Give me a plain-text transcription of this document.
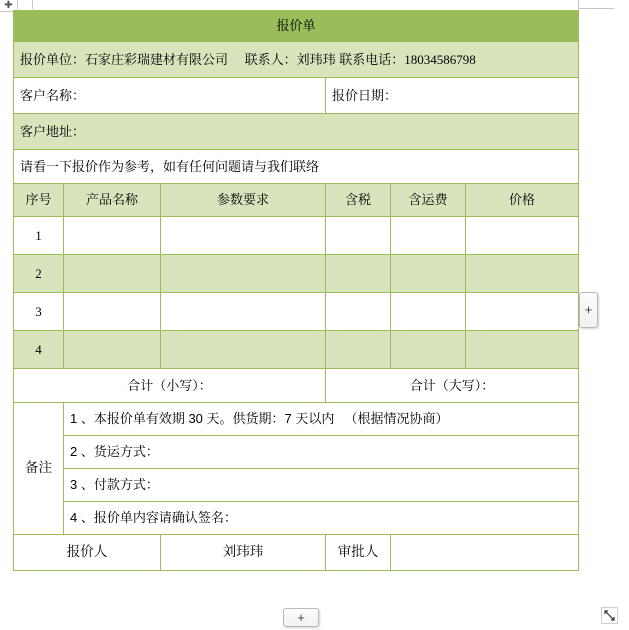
✚
报价单					
报价单位：石家庄彩瑞建材有限公司　 联系人：刘玮玮 联系电话：18034586798					
客户名称：			报价日期：		
客户地址：					
请看一下报价作为参考，如有任何问题请与我们联络					
序号	产品名称	参数要求	含税	含运费	价格
1					
2					
3					
4					
合计（小写）：			合计（大写）：		
备注	1 、本报价单有效期 30 天。供货期：7 天以内 　（根据情况协商）				
	2 、货运方式：				
	3 、付款方式：				
	4 、报价单内容请确认签名：				
报价人		刘玮玮	审批人		
+
+
